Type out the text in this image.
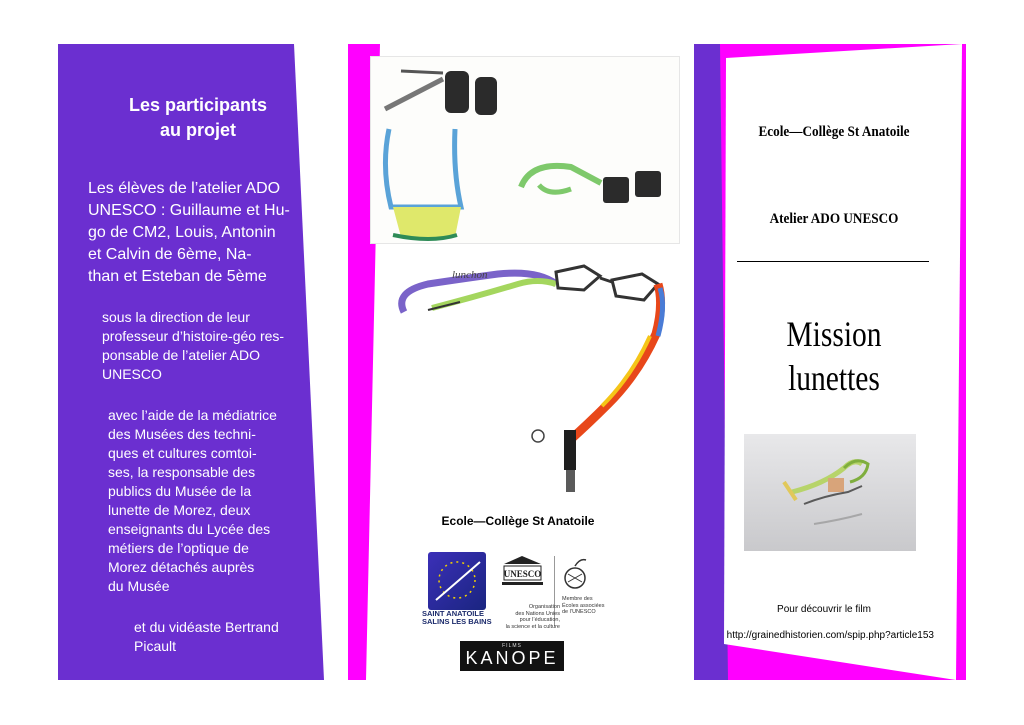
Les participants
au projet
Les élèves de l’atelier ADO
UNESCO : Guillaume et Hu-
go de CM2, Louis, Antonin
et Calvin de 6ème, Na-
than et Esteban de 5ème
sous la direction de leur
professeur d’histoire-géo res-
ponsable de l’atelier ADO
UNESCO
avec l’aide de la médiatrice
des Musées des techni-
ques et cultures comtoi-
ses, la responsable des
publics du Musée de la
lunette de Morez, deux
enseignants du Lycée des
métiers de l’optique de
Morez détachés auprès
du Musée
et du vidéaste Bertrand
Picault
lunchon
Ecole—Collège St Anatoile
SAINT ANATOILE
SALINS LES BAINS
UNESCO
Organisation
des Nations Unies
pour l’éducation,
la science et la culture
Membre des
Écoles associées
de l’UNESCO
FILMS
KANOPE
Ecole—Collège St Anatoile
Atelier ADO UNESCO
Mission
lunettes
Pour découvrir le film
http://grainedhistorien.com/spip.php?article153
